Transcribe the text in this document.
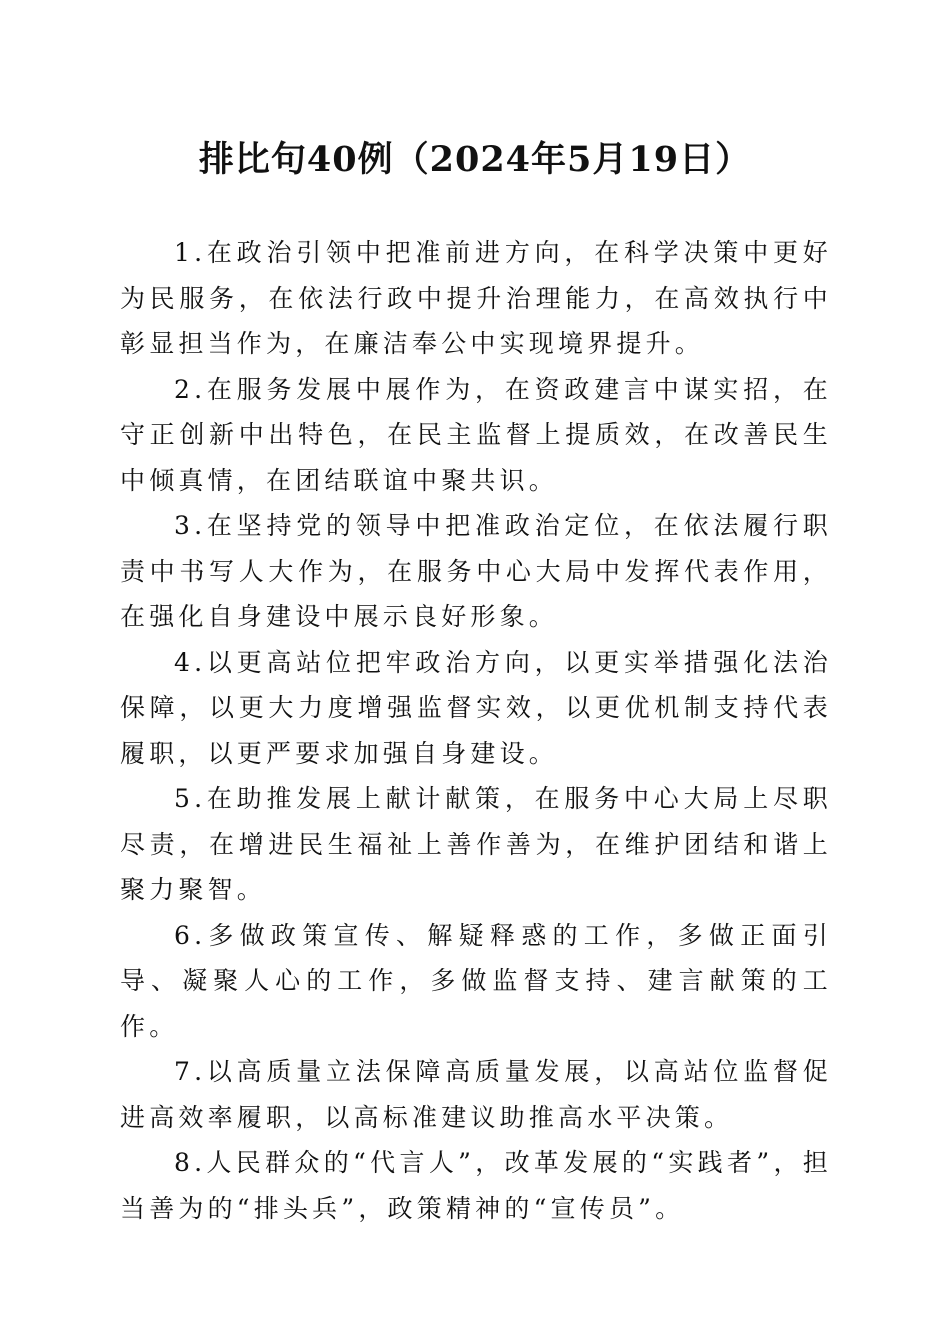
排比句40例（2024年5月19日）

1.在政治引领中把准前进方向，在科学决策中更好为民服务，在依法行政中提升治理能力，在高效执行中彰显担当作为，在廉洁奉公中实现境界提升。

2.在服务发展中展作为，在资政建言中谋实招，在守正创新中出特色，在民主监督上提质效，在改善民生中倾真情，在团结联谊中聚共识。

3.在坚持党的领导中把准政治定位，在依法履行职责中书写人大作为，在服务中心大局中发挥代表作用，在强化自身建设中展示良好形象。

4.以更高站位把牢政治方向，以更实举措强化法治保障，以更大力度增强监督实效，以更优机制支持代表履职，以更严要求加强自身建设。

5.在助推发展上献计献策，在服务中心大局上尽职尽责，在增进民生福祉上善作善为，在维护团结和谐上聚力聚智。

6.多做政策宣传、解疑释惑的工作，多做正面引导、凝聚人心的工作，多做监督支持、建言献策的工作。

7.以高质量立法保障高质量发展，以高站位监督促进高效率履职，以高标准建议助推高水平决策。

8.人民群众的“代言人”，改革发展的“实践者”，担当善为的“排头兵”，政策精神的“宣传员”。
